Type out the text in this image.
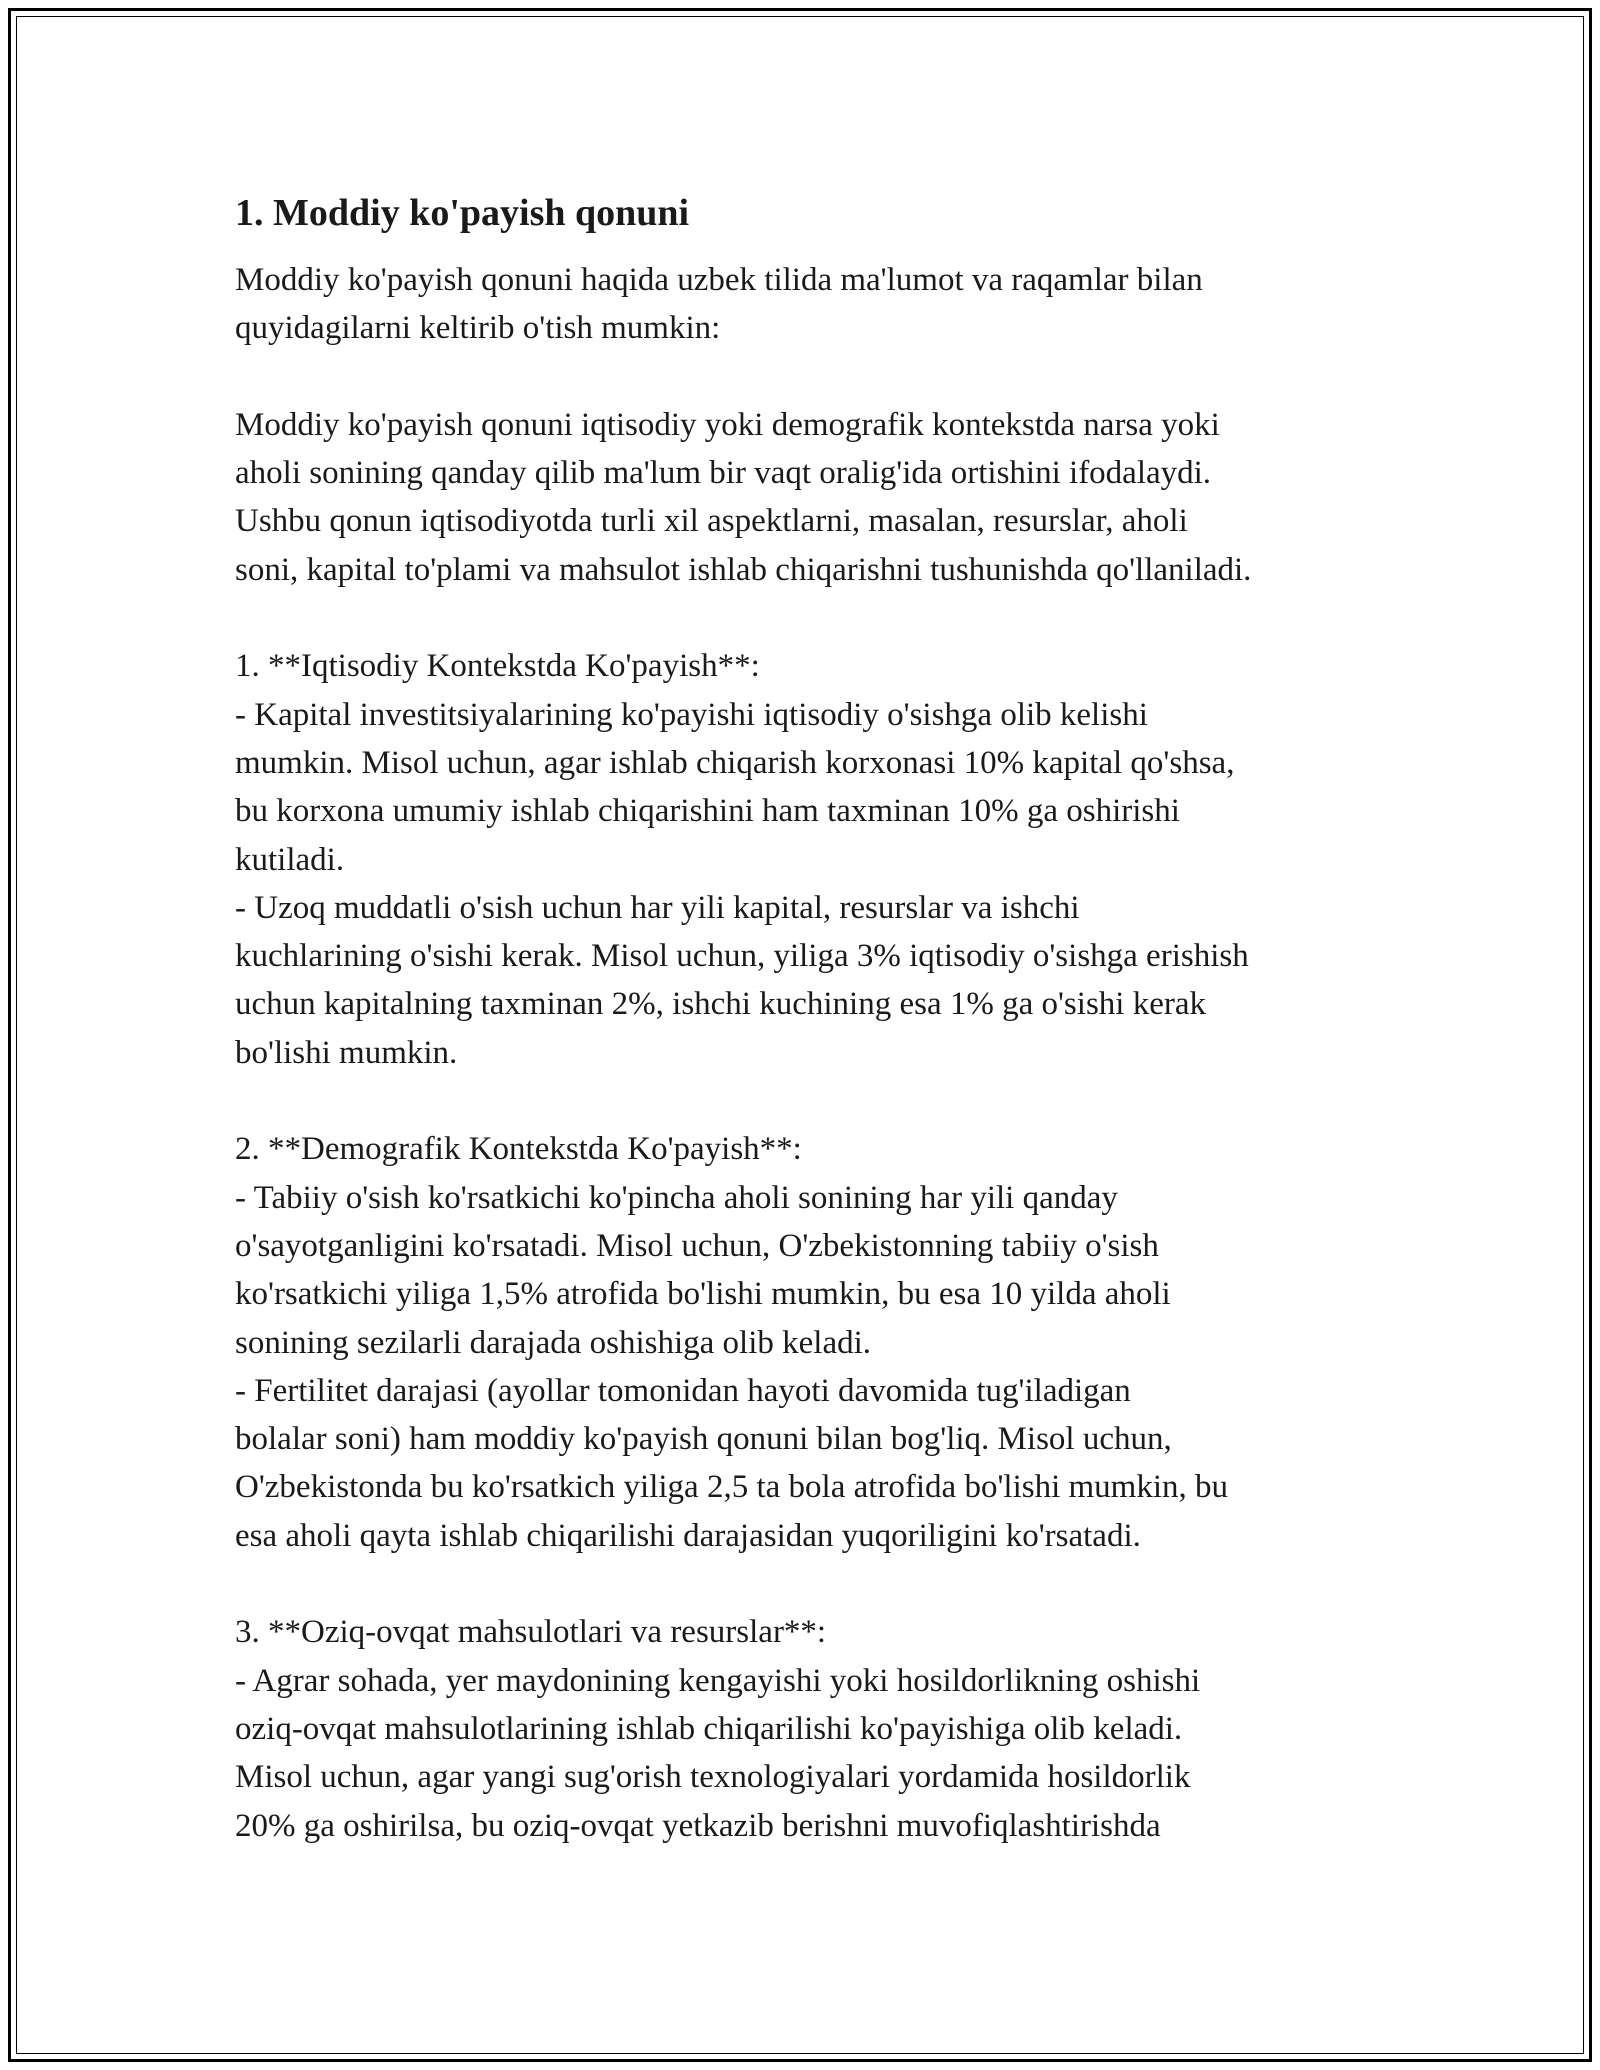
1. Moddiy ko'payish qonuni

Moddiy ko'payish qonuni haqida uzbek tilida ma'lumot va raqamlar bilan
quyidagilarni keltirib o'tish mumkin:

Moddiy ko'payish qonuni iqtisodiy yoki demografik kontekstda narsa yoki
aholi sonining qanday qilib ma'lum bir vaqt oralig'ida ortishini ifodalaydi.
Ushbu qonun iqtisodiyotda turli xil aspektlarni, masalan, resurslar, aholi
soni, kapital to'plami va mahsulot ishlab chiqarishni tushunishda qo'llaniladi.

1. **Iqtisodiy Kontekstda Ko'payish**:
- Kapital investitsiyalarining ko'payishi iqtisodiy o'sishga olib kelishi
mumkin. Misol uchun, agar ishlab chiqarish korxonasi 10% kapital qo'shsa,
bu korxona umumiy ishlab chiqarishini ham taxminan 10% ga oshirishi
kutiladi.
- Uzoq muddatli o'sish uchun har yili kapital, resurslar va ishchi
kuchlarining o'sishi kerak. Misol uchun, yiliga 3% iqtisodiy o'sishga erishish
uchun kapitalning taxminan 2%, ishchi kuchining esa 1% ga o'sishi kerak
bo'lishi mumkin.

2. **Demografik Kontekstda Ko'payish**:
- Tabiiy o'sish ko'rsatkichi ko'pincha aholi sonining har yili qanday
o'sayotganligini ko'rsatadi. Misol uchun, O'zbekistonning tabiiy o'sish
ko'rsatkichi yiliga 1,5% atrofida bo'lishi mumkin, bu esa 10 yilda aholi
sonining sezilarli darajada oshishiga olib keladi.
- Fertilitet darajasi (ayollar tomonidan hayoti davomida tug'iladigan
bolalar soni) ham moddiy ko'payish qonuni bilan bog'liq. Misol uchun,
O'zbekistonda bu ko'rsatkich yiliga 2,5 ta bola atrofida bo'lishi mumkin, bu
esa aholi qayta ishlab chiqarilishi darajasidan yuqoriligini ko'rsatadi.

3. **Oziq-ovqat mahsulotlari va resurslar**:
- Agrar sohada, yer maydonining kengayishi yoki hosildorlikning oshishi
oziq-ovqat mahsulotlarining ishlab chiqarilishi ko'payishiga olib keladi.
Misol uchun, agar yangi sug'orish texnologiyalari yordamida hosildorlik
20% ga oshirilsa, bu oziq-ovqat yetkazib berishni muvofiqlashtirishda
